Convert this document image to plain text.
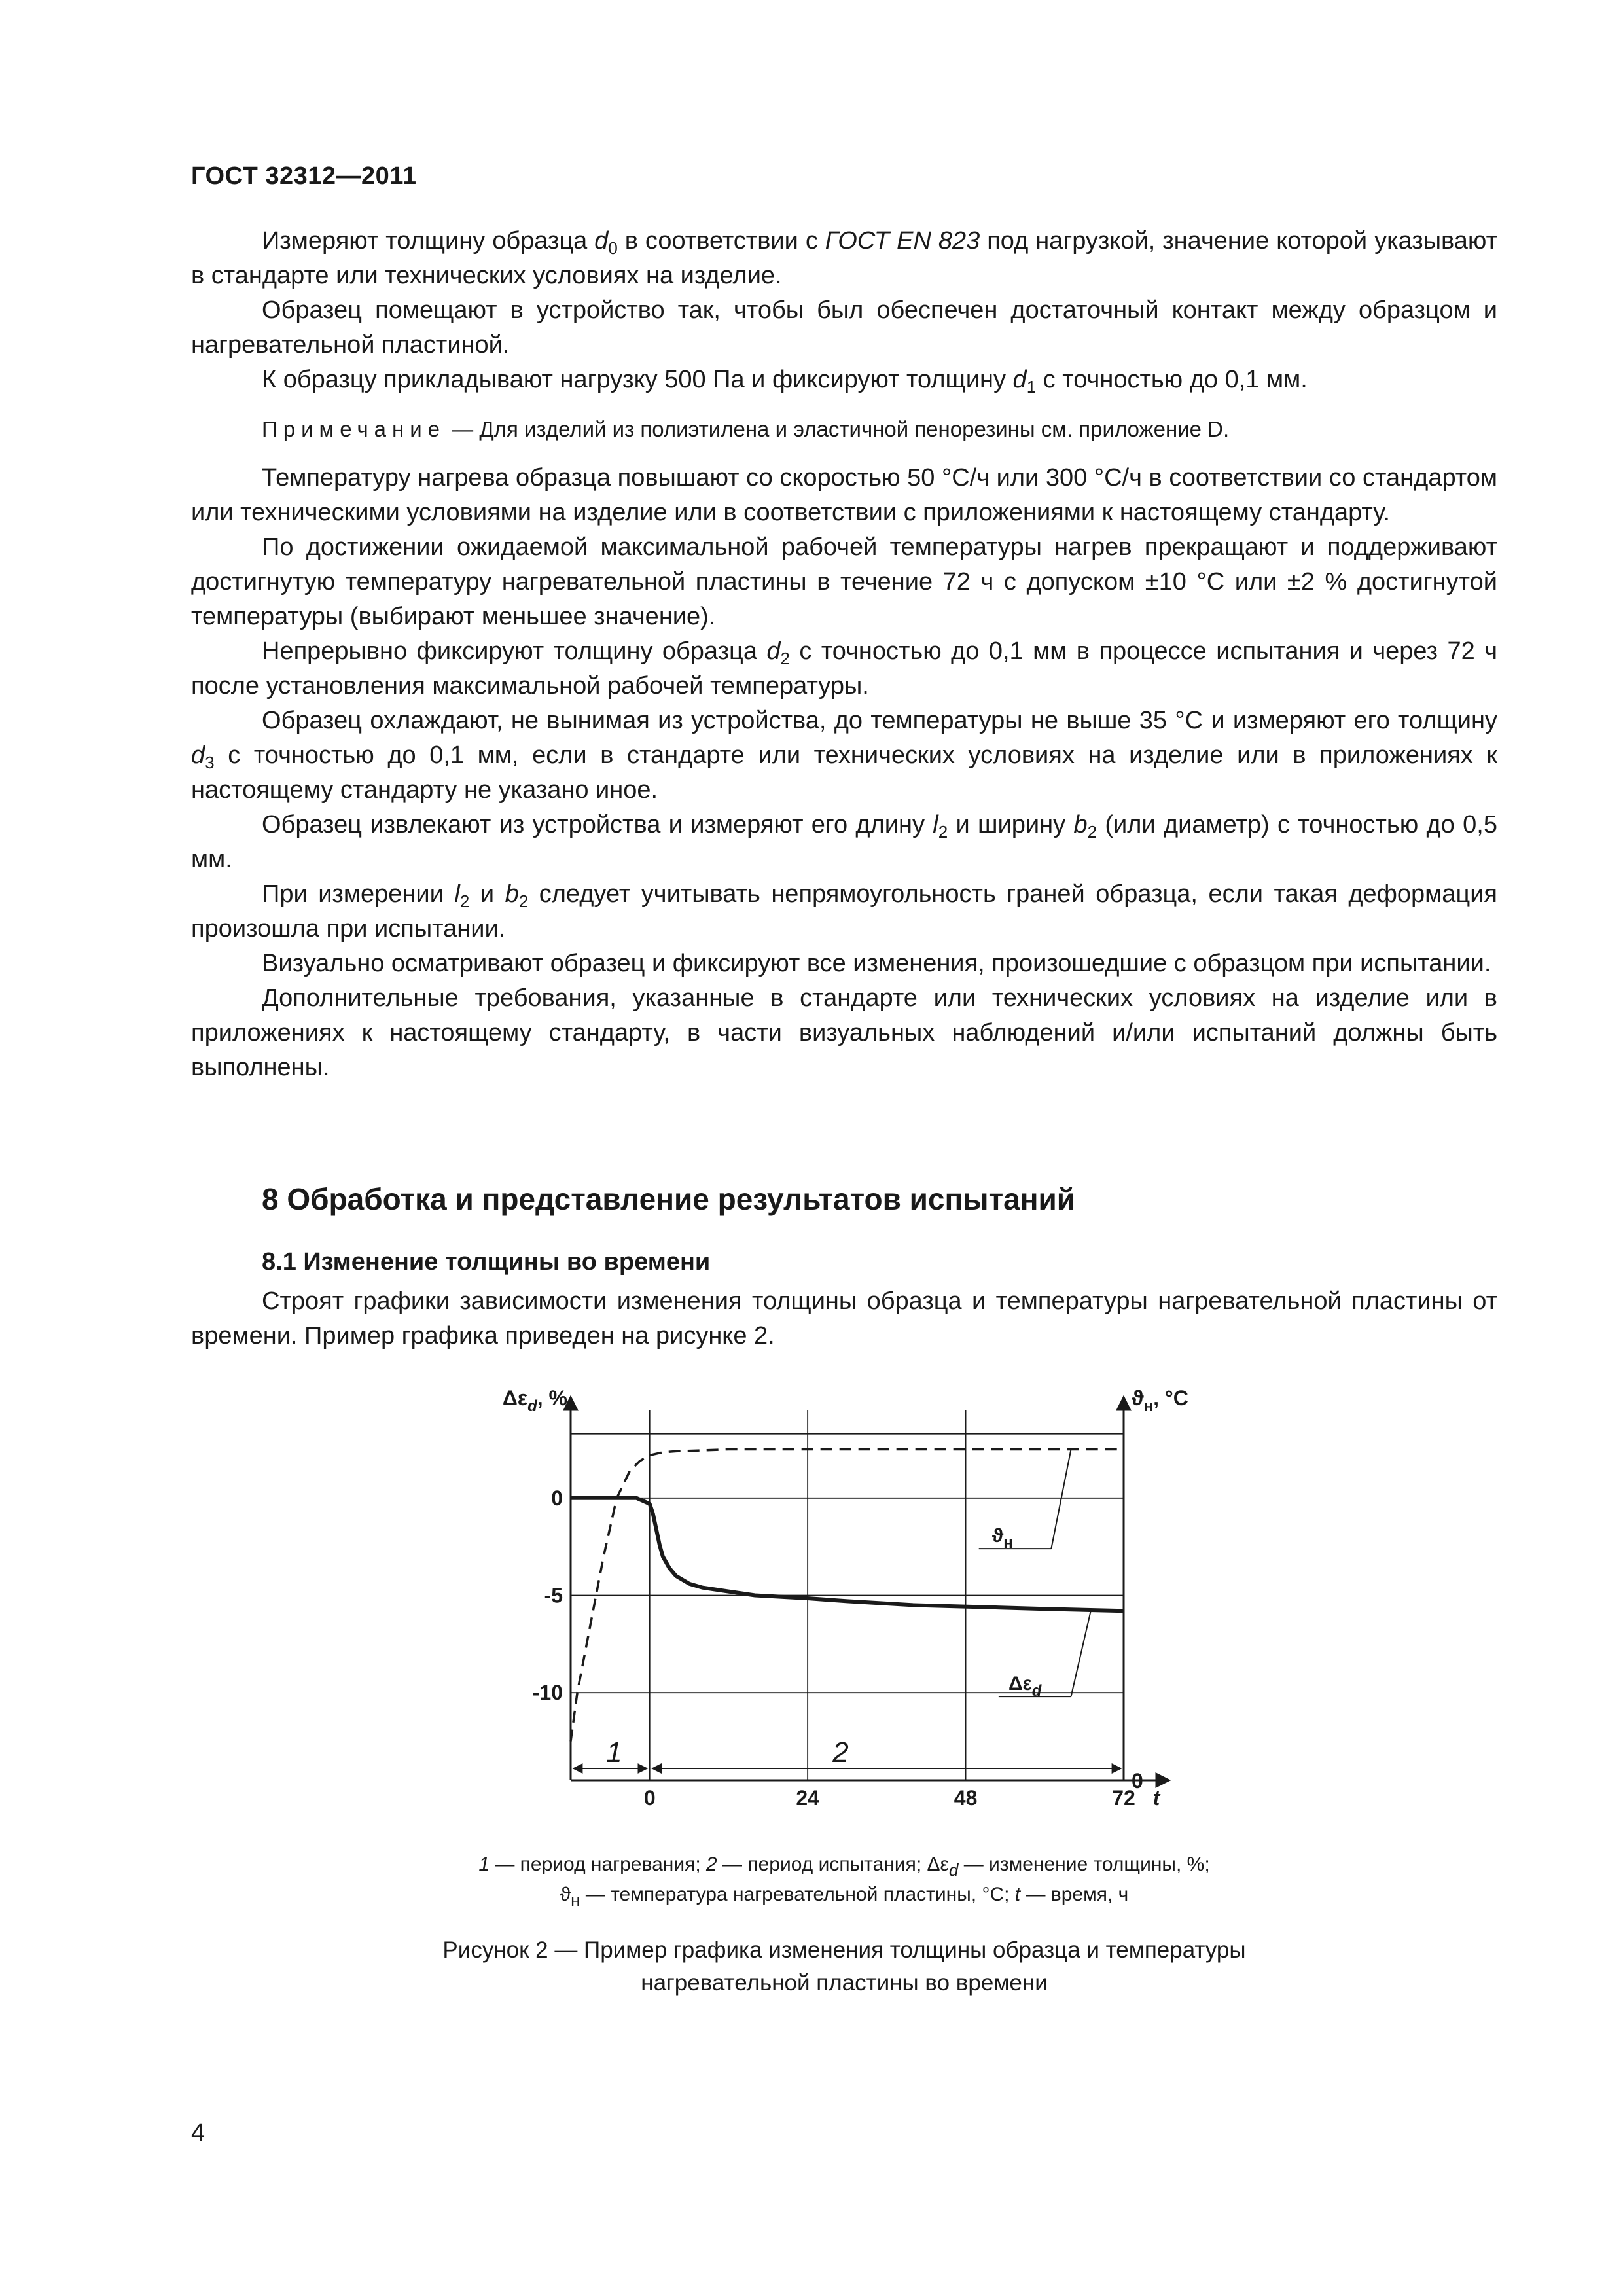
ГОСТ 32312—2011

Измеряют толщину образца $d_0$ в соответствии с ГОСТ EN 823 под нагрузкой, значение которой указывают в стандарте или технических условиях на изделие.

Образец помещают в устройство так, чтобы был обеспечен достаточный контакт между образцом и нагревательной пластиной.

К образцу прикладывают нагрузку 500 Па и фиксируют толщину $d_1$ с точностью до 0,1 мм.

Примечание — Для изделий из полиэтилена и эластичной пенорезины см. приложение D.

Температуру нагрева образца повышают со скоростью 50 °С/ч или 300 °С/ч в соответствии со стандартом или техническими условиями на изделие или в соответствии с приложениями к настоящему стандарту.

По достижении ожидаемой максимальной рабочей температуры нагрев прекращают и поддерживают достигнутую температуру нагревательной пластины в течение 72 ч с допуском ±10 °С или ±2 % достигнутой температуры (выбирают меньшее значение).

Непрерывно фиксируют толщину образца $d_2$ с точностью до 0,1 мм в процессе испытания и через 72 ч после установления максимальной рабочей температуры.

Образец охлаждают, не вынимая из устройства, до температуры не выше 35 °С и измеряют его толщину $d_3$ с точностью до 0,1 мм, если в стандарте или технических условиях на изделие или в приложениях к настоящему стандарту не указано иное.

Образец извлекают из устройства и измеряют его длину $l_2$ и ширину $b_2$ (или диаметр) с точностью до 0,5 мм.

При измерении $l_2$ и $b_2$ следует учитывать непрямоугольность граней образца, если такая деформация произошла при испытании.

Визуально осматривают образец и фиксируют все изменения, произошедшие с образцом при испытании.

Дополнительные требования, указанные в стандарте или технических условиях на изделие или в приложениях к настоящему стандарту, в части визуальных наблюдений и/или испытаний должны быть выполнены.

8 Обработка и представление результатов испытаний
8.1 Изменение толщины во времени

Строят графики зависимости изменения толщины образца и температуры нагревательной пластины от времени. Пример графика приведен на рисунке 2.

$\Delta\varepsilon_d$, %	$ϑ_н$, °С
0
-5
-10
0	24	48	72 t
0
1	2
$ϑ_н$
$\Delta\varepsilon_d$
1 — период нагревания; 2 — период испытания; $\Delta\varepsilon_d$ — изменение толщины, %;
$ϑ_н$ — температура нагревательной пластины, °С; t — время, ч
Рисунок 2 — Пример графика изменения толщины образца и температуры
нагревательной пластины во времени
4
